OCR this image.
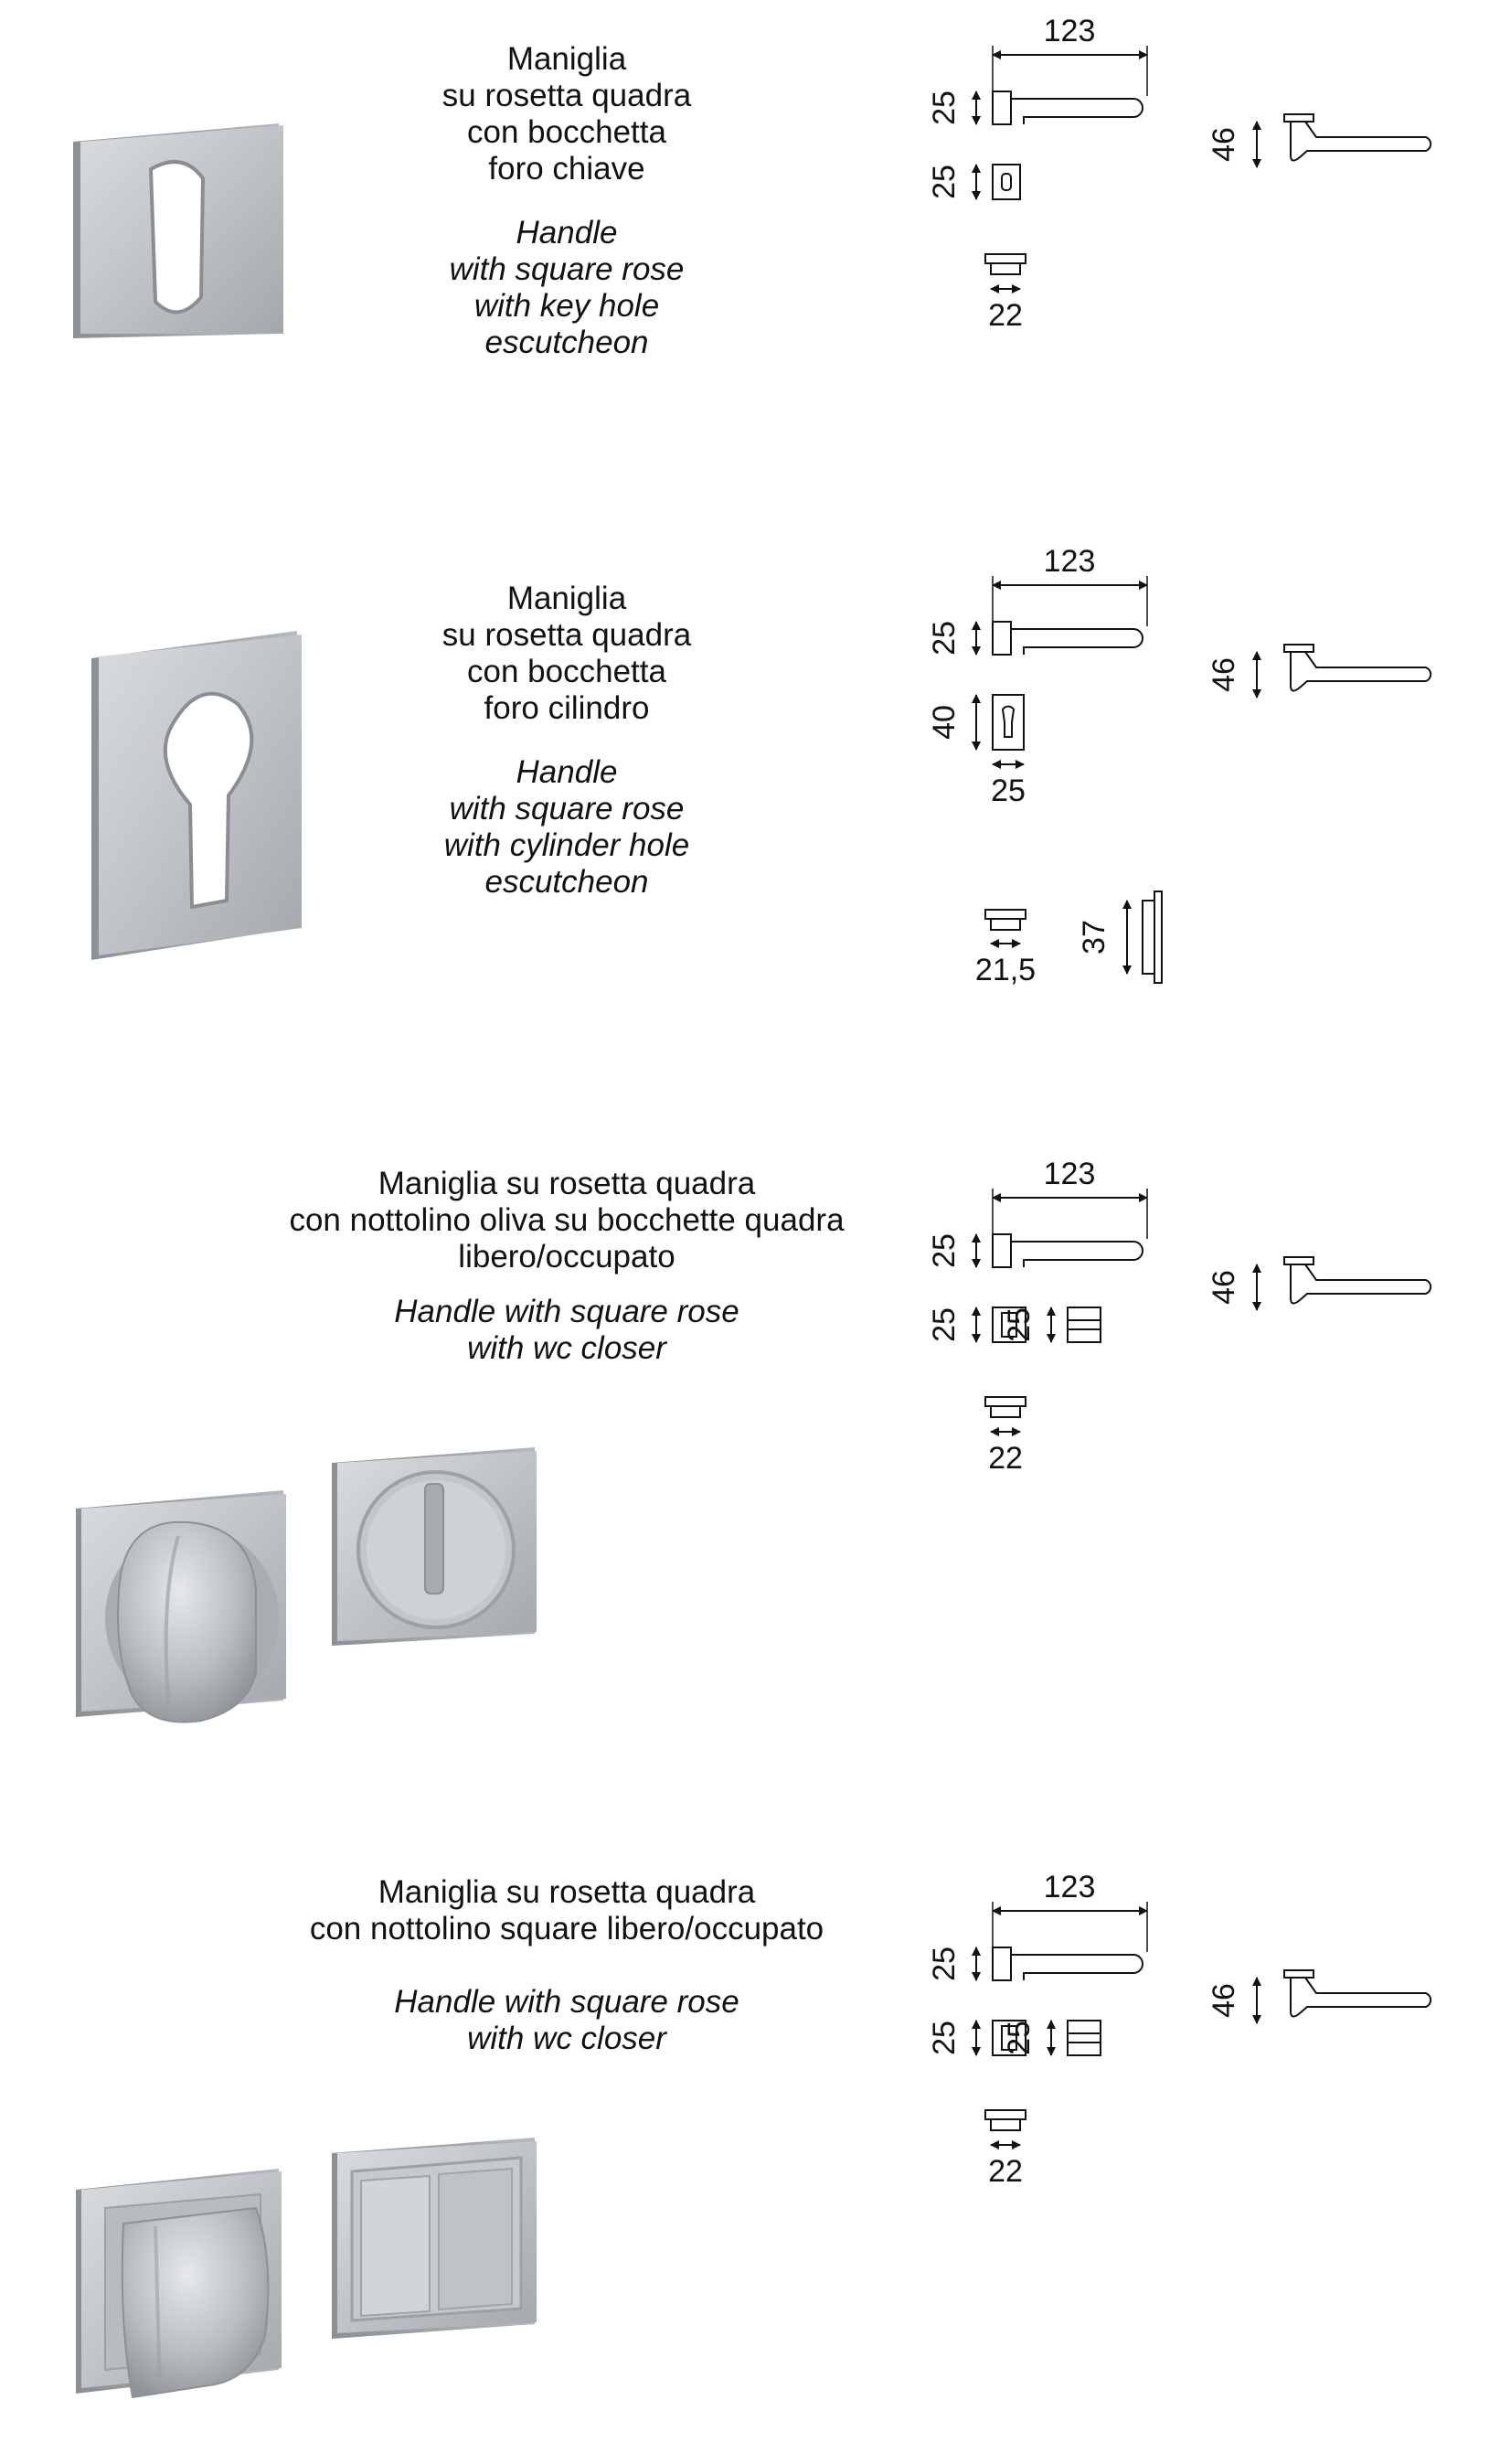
Maniglia

su rosetta quadra

con bocchetta

foro chiave

Handle

with square rose

with key hole

escutcheon

123
25
25
22
46

Maniglia

su rosetta quadra

con bocchetta

foro cilindro

Handle

with square rose

with cylinder hole

escutcheon

123
25
40
25
21,5
37
46

Maniglia su rosetta quadra

con nottolino oliva su bocchette quadra

libero/occupato

Handle with square rose

with wc closer

123
25
25 25
22
46

Maniglia su rosetta quadra

con nottolino square libero/occupato

Handle with square rose

with wc closer

123
25
25 25
22
46
